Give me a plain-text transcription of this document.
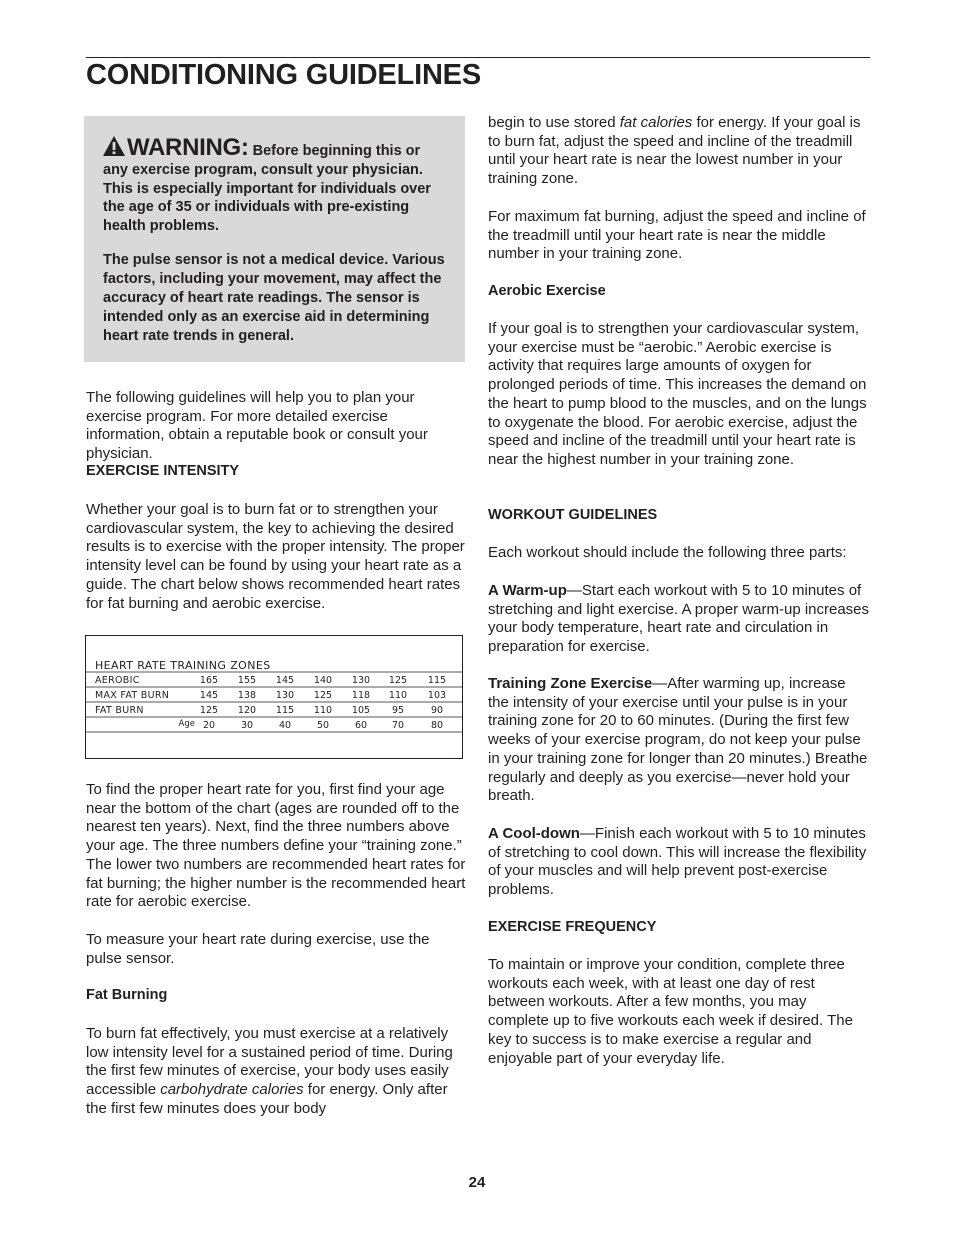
CONDITIONING GUIDELINES

WARNING: Before beginning this or any exercise program, consult your physician. This is especially important for individuals over the age of 35 or individuals with pre-existing health problems.

The pulse sensor is not a medical device. Various factors, including your movement, may affect the accuracy of heart rate readings. The sensor is intended only as an exercise aid in determining heart rate trends in general.

The following guidelines will help you to plan your exercise program. For more detailed exercise information, obtain a reputable book or consult your physician.

EXERCISE INTENSITY

Whether your goal is to burn fat or to strengthen your cardiovascular system, the key to achieving the desired results is to exercise with the proper intensity. The proper intensity level can be found by using your heart rate as a guide. The chart below shows recommended heart rates for fat burning and aerobic exercise.

HEART RATE TRAINING ZONES
AEROBIC	165 155 145 140 130 125 115
MAX FAT BURN	145 138 130 125 118 110 103
FAT BURN	125 120 115 110 105 95	90
Age 20	30	40	50	60	70	80

To find the proper heart rate for you, first find your age near the bottom of the chart (ages are rounded off to the nearest ten years). Next, find the three numbers above your age. The three numbers define your “training zone.” The lower two numbers are recommended heart rates for fat burning; the higher number is the recommended heart rate for aerobic exercise.

To measure your heart rate during exercise, use the pulse sensor.

Fat Burning

To burn fat effectively, you must exercise at a relatively low intensity level for a sustained period of time. During the first few minutes of exercise, your body uses easily accessible carbohydrate calories for energy. Only after the first few minutes does your body

begin to use stored fat calories for energy. If your goal is to burn fat, adjust the speed and incline of the treadmill until your heart rate is near the lowest number in your training zone.

For maximum fat burning, adjust the speed and incline of the treadmill until your heart rate is near the middle number in your training zone.

Aerobic Exercise

If your goal is to strengthen your cardiovascular system, your exercise must be “aerobic.” Aerobic exercise is activity that requires large amounts of oxygen for prolonged periods of time. This increases the demand on the heart to pump blood to the muscles, and on the lungs to oxygenate the blood. For aerobic exercise, adjust the speed and incline of the treadmill until your heart rate is near the highest number in your training zone.

WORKOUT GUIDELINES

Each workout should include the following three parts:

A Warm-up—Start each workout with 5 to 10 minutes of stretching and light exercise. A proper warm-up increases your body temperature, heart rate and circulation in preparation for exercise.

Training Zone Exercise—After warming up, increase the intensity of your exercise until your pulse is in your training zone for 20 to 60 minutes. (During the first few weeks of your exercise program, do not keep your pulse in your training zone for longer than 20 minutes.) Breathe regularly and deeply as you exercise—never hold your breath.

A Cool-down—Finish each workout with 5 to 10 minutes of stretching to cool down. This will increase the flexibility of your muscles and will help prevent post-exercise problems.

EXERCISE FREQUENCY

To maintain or improve your condition, complete three workouts each week, with at least one day of rest between workouts. After a few months, you may complete up to five workouts each week if desired. The key to success is to make exercise a regular and enjoyable part of your everyday life.

24
